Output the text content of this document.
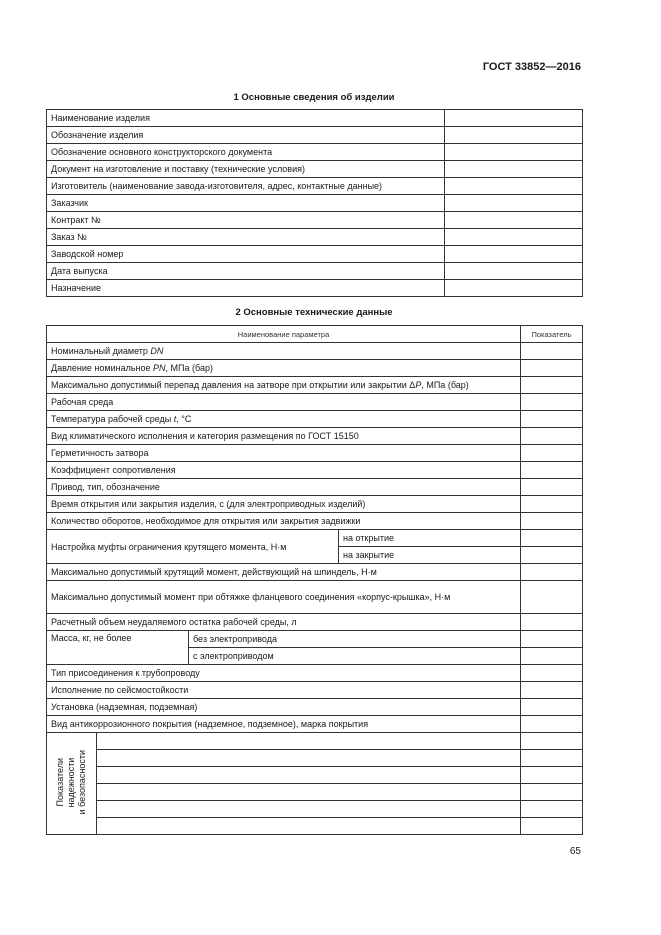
ГОСТ 33852—2016
1 Основные сведения об изделии
Наименование изделия	
Обозначение изделия	
Обозначение основного конструкторского документа	
Документ на изготовление и поставку (технические условия)	
Изготовитель (наименование завода-изготовителя, адрес, контактные данные)	
Заказчик	
Контракт №	
Заказ №	
Заводской номер	
Дата выпуска	
Назначение	
2 Основные технические данные
Наименование параметра				Показатель
Номинальный диаметр DN				
Давление номинальное PN, МПа (бар)				
Максимально допустимый перепад давления на затворе при открытии или закрытии ΔP, МПа (бар)				
Рабочая среда				
Температура рабочей среды t, °С				
Вид климатического исполнения и категория размещения по ГОСТ 15150				
Герметичность затвора				
Коэффициент сопротивления				
Привод, тип, обозначение				
Время открытия или закрытия изделия, с (для электроприводных изделий)				
Количество оборотов, необходимое для открытия или закрытия задвижки				
Настройка муфты ограничения крутящего момента, Н·м			на открытие	
			на закрытие	
Максимально допустимый крутящий момент, действующий на шпиндель, Н·м				
Максимально допустимый момент при обтяжке фланцевого соединения «корпус-крышка», Н·м				
Расчетный объем неудаляемого остатка рабочей среды, л				
Масса, кг, не более		без электропривода		
		с электроприводом		
Тип присоединения к трубопроводу				
Исполнение по сейсмостойкости				
Установка (надземная, подземная)				
Вид антикоррозионного покрытия (надземное, подземное), марка покрытия				
Показатели
надежности
и безопасности				

65
